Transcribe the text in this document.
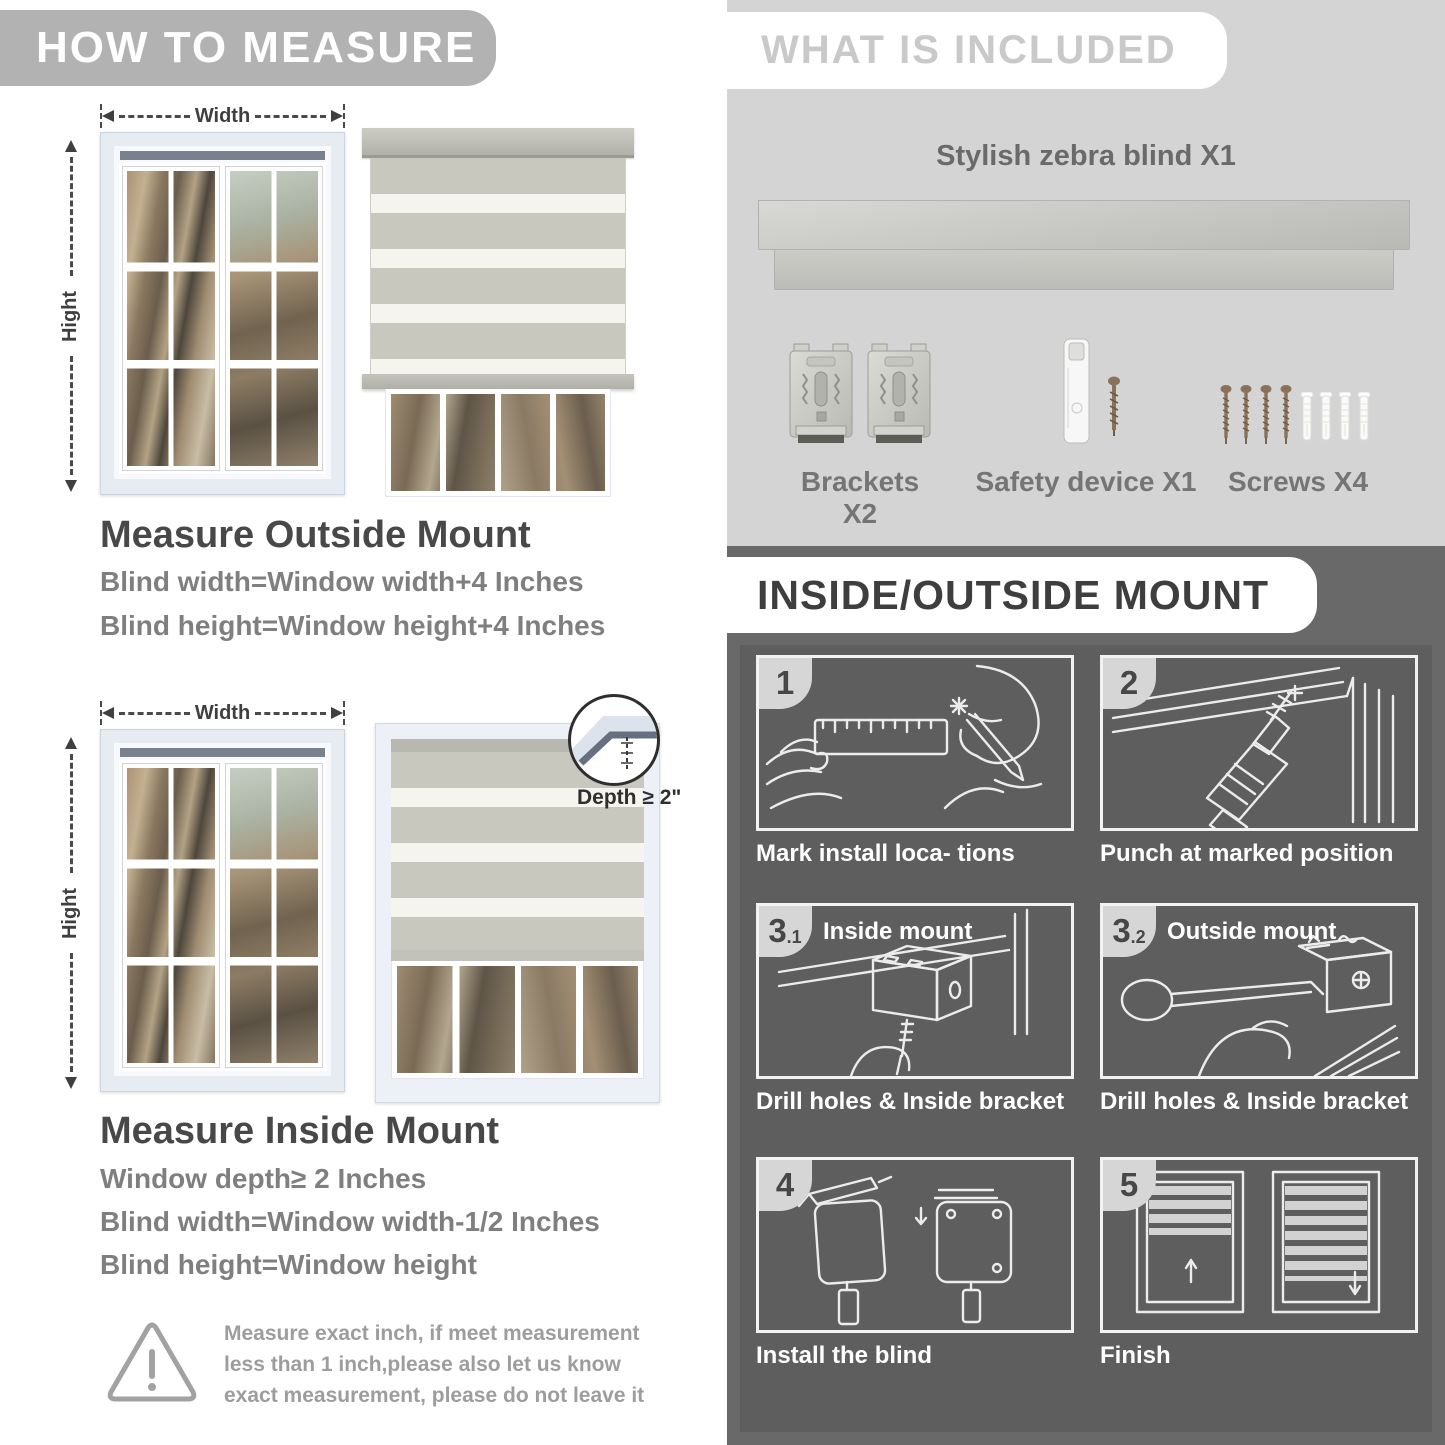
HOW TO MEASURE
Width
Hight
Measure Outside Mount
Blind width=Window width+4 Inches
Blind height=Window height+4 Inches
Width
Hight
Depth ≥ 2"
Measure Inside Mount
Window depth≥ 2 Inches
Blind width=Window width-1/2 Inches
Blind height=Window height
Measure exact inch, if meet measurement less than 1 inch,please also let us know exact measurement, please do not leave it
WHAT IS INCLUDED
Stylish zebra blind X1
Brackets X2
Safety device X1	Screws X4
INSIDE/OUTSIDE MOUNT
1
Mark install loca- tions
2
Punch at marked position
3 .1 Inside mount
Drill holes & Inside bracket
3 .2 Outside mount
Drill holes & Inside bracket
4
Install the blind
5
Finish
